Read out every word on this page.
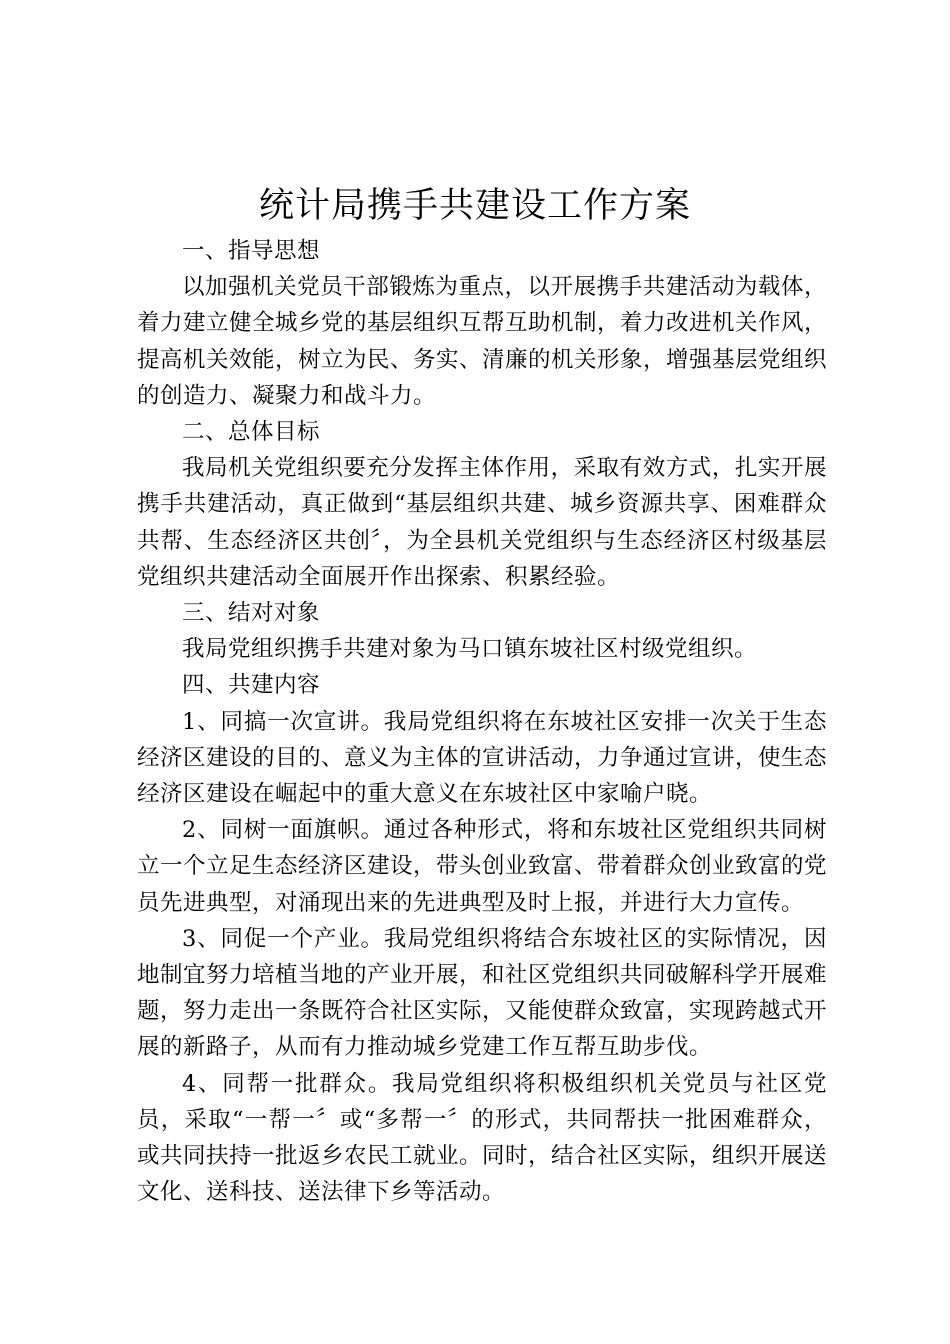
统计局携手共建设工作方案

一、指导思想

以加强机关党员干部锻炼为重点，以开展携手共建活动为载体，着力建立健全城乡党的基层组织互帮互助机制，着力改进机关作风，提高机关效能，树立为民、务实、清廉的机关形象，增强基层党组织的创造力、凝聚力和战斗力。

二、总体目标

我局机关党组织要充分发挥主体作用，采取有效方式，扎实开展携手共建活动，真正做到“基层组织共建、城乡资源共享、困难群众共帮、生态经济区共创〞，为全县机关党组织与生态经济区村级基层党组织共建活动全面展开作出探索、积累经验。

三、结对对象

我局党组织携手共建对象为马口镇东坡社区村级党组织。

四、共建内容

1、同搞一次宣讲。我局党组织将在东坡社区安排一次关于生态经济区建设的目的、意义为主体的宣讲活动，力争通过宣讲，使生态经济区建设在崛起中的重大意义在东坡社区中家喻户晓。

2、同树一面旗帜。通过各种形式，将和东坡社区党组织共同树立一个立足生态经济区建设，带头创业致富、带着群众创业致富的党员先进典型，对涌现出来的先进典型及时上报，并进行大力宣传。

3、同促一个产业。我局党组织将结合东坡社区的实际情况，因地制宜努力培植当地的产业开展，和社区党组织共同破解科学开展难题，努力走出一条既符合社区实际，又能使群众致富，实现跨越式开展的新路子，从而有力推动城乡党建工作互帮互助步伐。

4、同帮一批群众。我局党组织将积极组织机关党员与社区党员，采取“一帮一〞或“多帮一〞的形式，共同帮扶一批困难群众，或共同扶持一批返乡农民工就业。同时，结合社区实际，组织开展送文化、送科技、送法律下乡等活动。
